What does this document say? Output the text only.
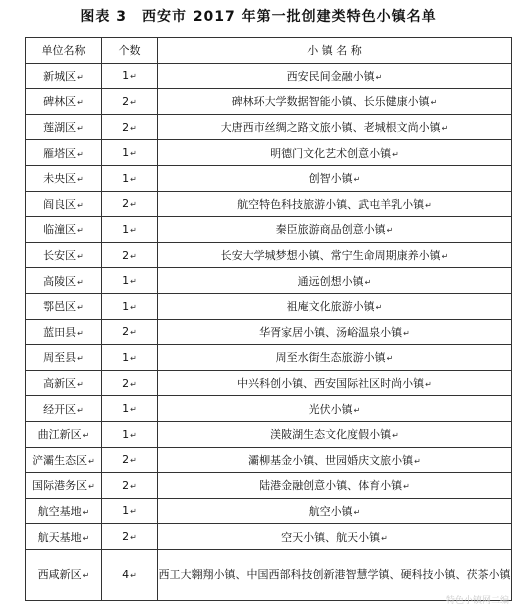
图表 3　西安市 2017 年第一批创建类特色小镇名单
单位名称	个数	小 镇 名 称
新城区 ↵	1 ↵	西安民间金融小镇 ↵
碑林区 ↵	2 ↵	碑林环大学数据智能小镇、长乐健康小镇 ↵
莲湖区 ↵	2 ↵	大唐西市丝绸之路文旅小镇、老城根文尚小镇 ↵
雁塔区 ↵	1 ↵	明德门文化艺术创意小镇 ↵
未央区 ↵	1 ↵	创智小镇 ↵
阎良区 ↵	2 ↵	航空特色科技旅游小镇、武屯羊乳小镇 ↵
临潼区 ↵	1 ↵	秦臣旅游商品创意小镇 ↵
长安区 ↵	2 ↵	长安大学城梦想小镇、常宁生命周期康养小镇 ↵
高陵区 ↵	1 ↵	通远创想小镇 ↵
鄠邑区 ↵	1 ↵	祖庵文化旅游小镇 ↵
蓝田县 ↵	2 ↵	华胥家居小镇、汤峪温泉小镇 ↵
周至县 ↵	1 ↵	周至水街生态旅游小镇 ↵
高新区 ↵	2 ↵	中兴科创小镇、西安国际社区时尚小镇 ↵
经开区 ↵	1 ↵	光伏小镇 ↵
曲江新区 ↵	1 ↵	渼陂湖生态文化度假小镇 ↵
浐灞生态区 ↵	2 ↵	灞柳基金小镇、世园婚庆文旅小镇 ↵
国际港务区 ↵	2 ↵	陆港金融创意小镇、体育小镇 ↵
航空基地 ↵	1 ↵	航空小镇 ↵
航天基地 ↵	2 ↵	空天小镇、航天小镇 ↵
西咸新区 ↵	4 ↵	西工大翱翔小镇、中国西部科技创新港智慧学镇、硬科技小镇、茯茶小镇
特色小镇网二编
